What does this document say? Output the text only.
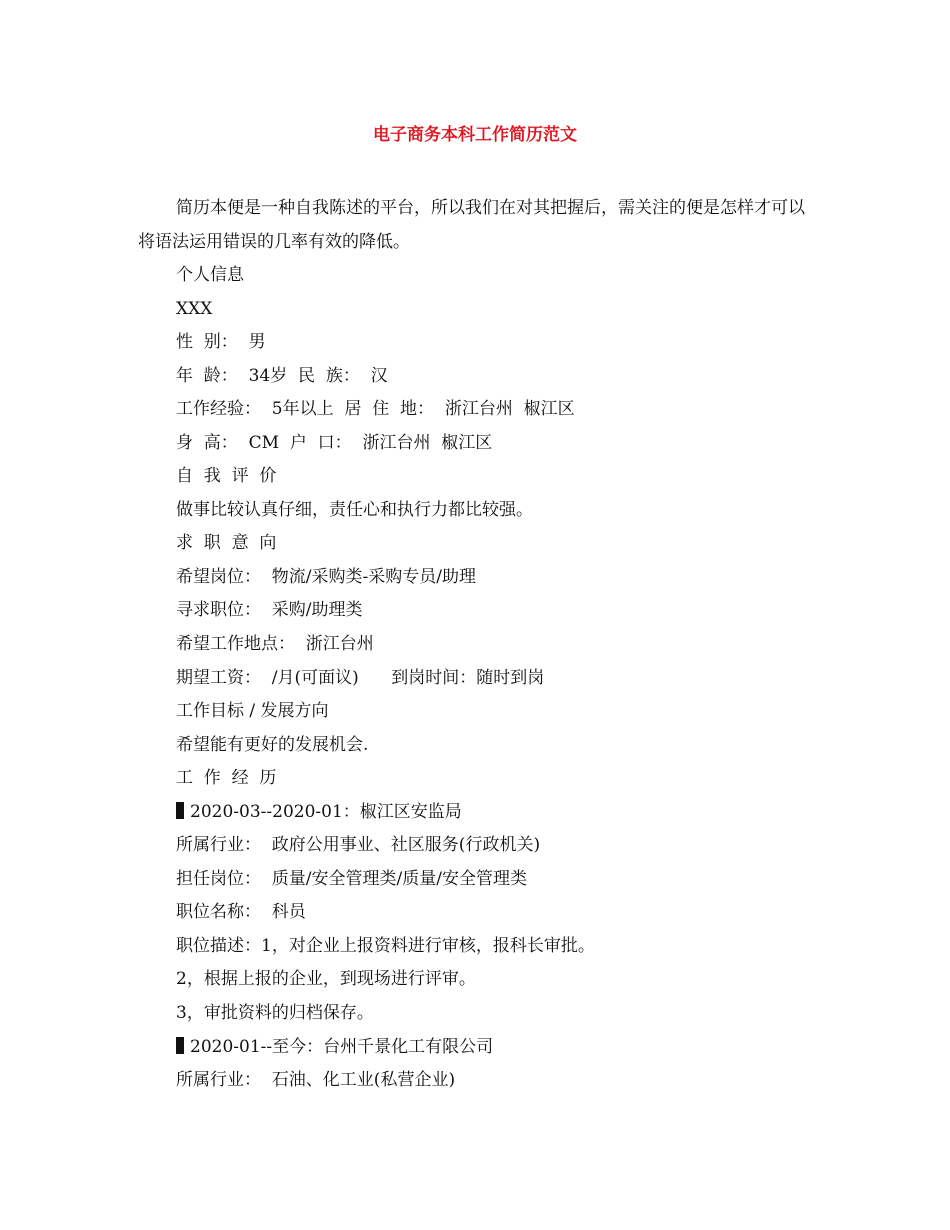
电子商务本科工作简历范文

简历本便是一种自我陈述的平台，所以我们在对其把握后，需关注的便是怎样才可以将语法运用错误的几率有效的降低。

个人信息
XXX
性  别：  男
年  龄：  34岁  民  族：  汉
工作经验：  5年以上  居  住  地：  浙江台州  椒江区
身  高：  CM  户  口：  浙江台州  椒江区
自  我  评  价
做事比较认真仔细，责任心和执行力都比较强。
求  职  意  向
希望岗位：  物流/采购类-采购专员/助理
寻求职位：  采购/助理类
希望工作地点：  浙江台州
期望工资：  /月(可面议)      到岗时间：随时到岗
工作目标 / 发展方向
希望能有更好的发展机会.
工  作  经  历
2020-03--2020-01：椒江区安监局
所属行业：  政府公用事业、社区服务(行政机关)
担任岗位：  质量/安全管理类/质量/安全管理类
职位名称：  科员
职位描述：1，对企业上报资料进行审核，报科长审批。
2，根据上报的企业，到现场进行评审。
3，审批资料的归档保存。
2020-01--至今：台州千景化工有限公司
所属行业：  石油、化工业(私营企业)
